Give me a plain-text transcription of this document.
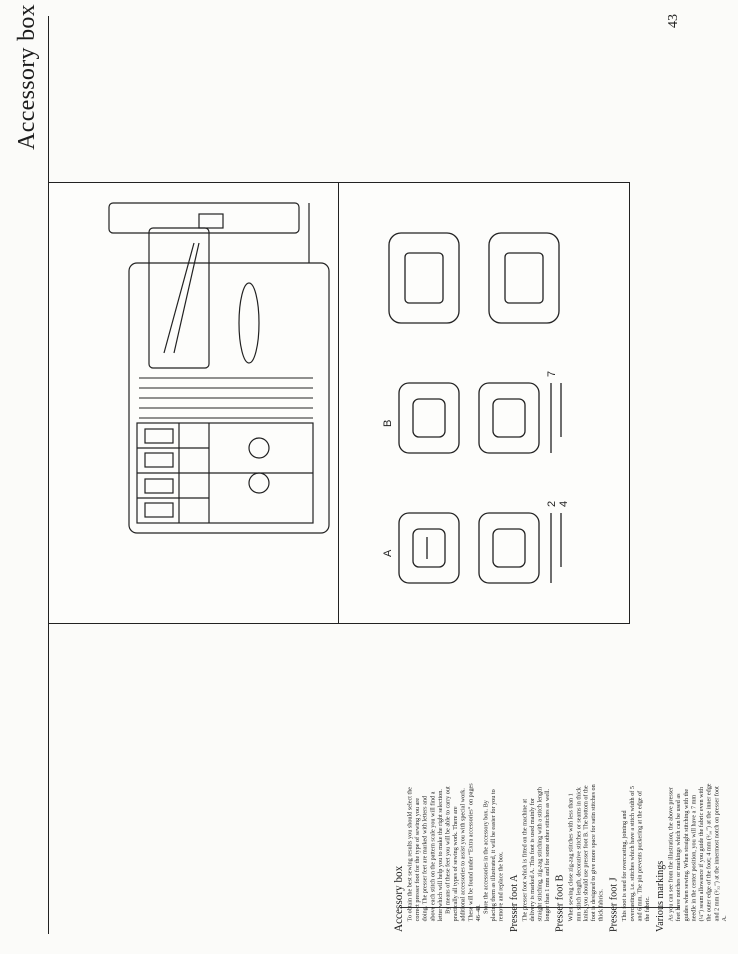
Accessory box	43
A
B
2 4
7
Accessory box To obtain the best sewing results you should select the correct presser foot for the type of sewing you are doing. The presser feet are marked with letters and above each stitch on the pattern scale you will find a letter which will help you to make the right selection. By means of these feet you will be able to carry out practically all types of sewing work. There are additional accessories to assist you with special work. These will be found under “Extra accessories” on pages 46–48. Store the accessories in the accessory box. By placing them as illustrated, it will be easier for you to remove and replace the box. Presser foot A The presser foot which is fitted on the machine at delivery is marked A. This foot is used mainly for straight stitching, zig-zag stitching with a stitch length longer than 1 mm and for some other stitches as well. Presser foot B When sewing close zig-zag stitches with less than 1 mm stitch length, decorative stitches or seams in thick knits, you should use presser foot B. The bottom of the foot is designed to give more space for satin stitches on thick fabrics. Presser foot J This foot is used for overcasting, joining and overcasting, i.e. stitches which have a stitch width of 5 and 6 mm. The pin prevents puckering at the edge of the fabric. Various markings As you can see from the illustration, the above presser feet have notches or markings which can be used as guides when sewing. When straight stitching with the needle in the center position, you will have a 7 mm (¼″) seam allowance if you guide the fabric even with the outer edge of the foot; 4 mm (³⁄₁₆″) at the inner edge and 2 mm (³⁄₃₂″) at the innermost notch on presser foot A.
